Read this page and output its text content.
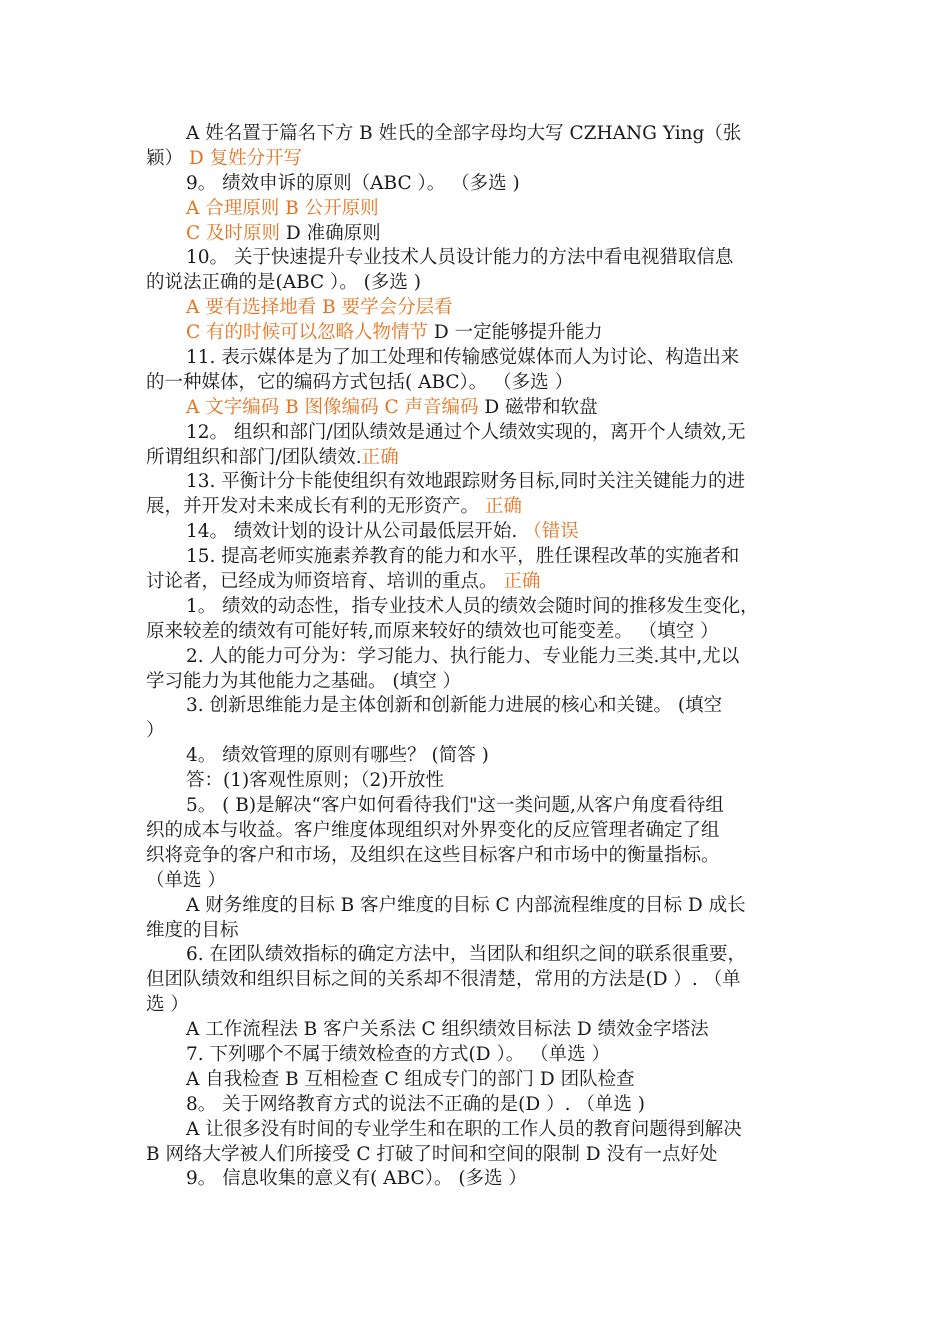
A 姓名置于篇名下方 B 姓氏的全部字母均大写 CZHANG Ying（张
颖） D 复姓分开写
9。 绩效申诉的原则（ABC ）。 （多选 )
A 合理原则 B 公开原则
C 及时原则 D 准确原则
10。 关于快速提升专业技术人员设计能力的方法中看电视猎取信息
的说法正确的是(ABC ）。 (多选 )
A 要有选择地看 B 要学会分层看
C 有的时候可以忽略人物情节 D 一定能够提升能力
11. 表示媒体是为了加工处理和传输感觉媒体而人为讨论、构造出来
的一种媒体，它的编码方式包括( ABC）。 （多选 ）
A 文字编码 B 图像编码 C 声音编码 D 磁带和软盘
12。 组织和部门/团队绩效是通过个人绩效实现的，离开个人绩效,无
所谓组织和部门/团队绩效.正确
13. 平衡计分卡能使组织有效地跟踪财务目标,同时关注关键能力的进
展，并开发对未来成长有利的无形资产。 正确
14。 绩效计划的设计从公司最低层开始. （错误
15. 提高老师实施素养教育的能力和水平，胜任课程改革的实施者和
讨论者，已经成为师资培育、培训的重点。 正确
1。 绩效的动态性，指专业技术人员的绩效会随时间的推移发生变化，
原来较差的绩效有可能好转,而原来较好的绩效也可能变差。 （填空 ）
2. 人的能力可分为：学习能力、执行能力、专业能力三类.其中,尤以
学习能力为其他能力之基础。 (填空 ）
3. 创新思维能力是主体创新和创新能力进展的核心和关键。 (填空
）
4。 绩效管理的原则有哪些？ (简答 )
答：(1)客观性原则；（2)开放性
5。 ( B)是解决“客户如何看待我们"这一类问题,从客户角度看待组
织的成本与收益。客户维度体现组织对外界变化的反应管理者确定了组
织将竞争的客户和市场，及组织在这些目标客户和市场中的衡量指标。
（单选 ）
A 财务维度的目标 B 客户维度的目标 C 内部流程维度的目标 D 成长
维度的目标
6. 在团队绩效指标的确定方法中，当团队和组织之间的联系很重要，
但团队绩效和组织目标之间的关系却不很清楚，常用的方法是(D ）. （单
选 ）
A 工作流程法 B 客户关系法 C 组织绩效目标法 D 绩效金字塔法
7. 下列哪个不属于绩效检查的方式(D ）。 （单选 ）
A 自我检查 B 互相检查 C 组成专门的部门 D 团队检查
8。 关于网络教育方式的说法不正确的是(D ）. （单选 )
A 让很多没有时间的专业学生和在职的工作人员的教育问题得到解决
B 网络大学被人们所接受 C 打破了时间和空间的限制 D 没有一点好处
9。 信息收集的意义有( ABC）。 (多选 ）
